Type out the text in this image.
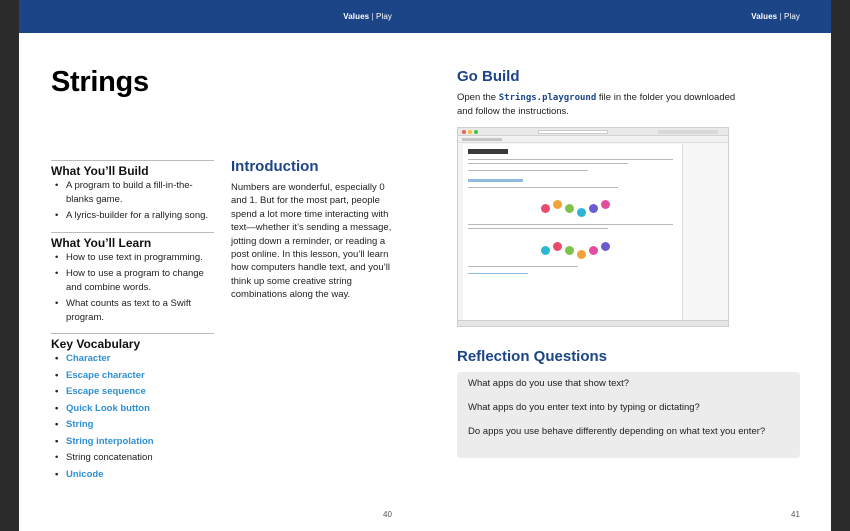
Values | Play
Strings
What You’ll Build
• A program to build a fill-in-the-blanks game.
• A lyrics-builder for a rallying song.
What You’ll Learn
• How to use text in programming.
• How to use a program to change and combine words.
• What counts as text to a Swift program.
Key Vocabulary
• Character
• Escape character
• Escape sequence
• Quick Look button
• String
• String interpolation
• String concatenation
• Unicode
Introduction

Numbers are wonderful, especially 0 and 1. But for the most part, people spend a lot more time interacting with text—whether it’s sending a message, jotting down a reminder, or reading a post online. In this lesson, you’ll learn how computers handle text, and you’ll think up some creative string combinations along the way.

40
Values | Play
Go Build

Open the Strings.playground file in the folder you downloaded and follow the instructions.

Reflection Questions

What apps do you use that show text?

What apps do you enter text into by typing or dictating?

Do apps you use behave differently depending on what text you enter?

41
